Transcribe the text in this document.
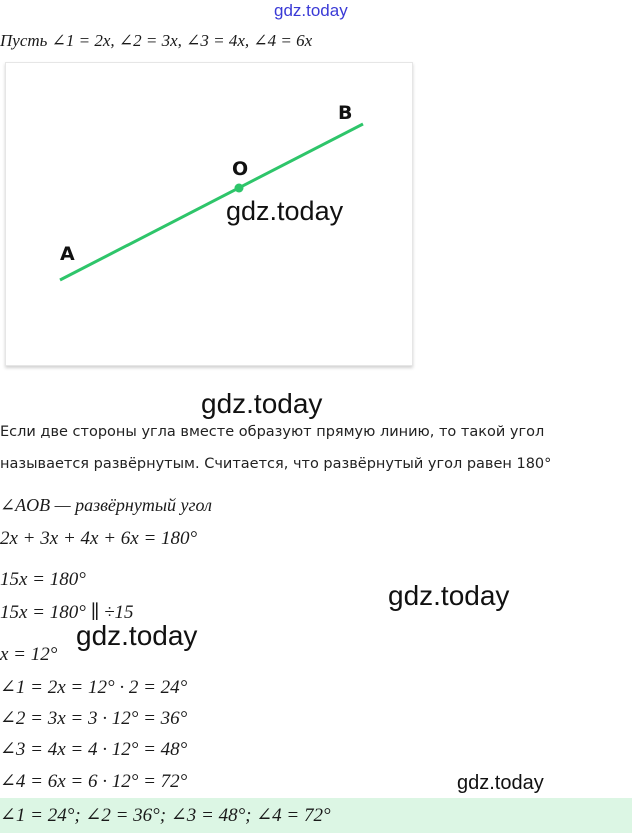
gdz.today
Пусть ∠1 = 2x, ∠2 = 3x, ∠3 = 4x, ∠4 = 6x
A
O
B
gdz.today
gdz.today
Если две стороны угла вместе образуют прямую линию, то такой угол
называется развёрнутым. Считается, что развёрнутый угол равен 180°
∠AOB — развёрнутый угол
2x + 3x + 4x + 6x = 180°
15x = 180°
15x = 180° ∥ ÷15
x = 12°
∠1 = 2x = 12° · 2 = 24°
∠2 = 3x = 3 · 12° = 36°
∠3 = 4x = 4 · 12° = 48°
∠4 = 6x = 6 · 12° = 72°
gdz.today
gdz.today
gdz.today
∠1 = 24°; ∠2 = 36°; ∠3 = 48°; ∠4 = 72°
